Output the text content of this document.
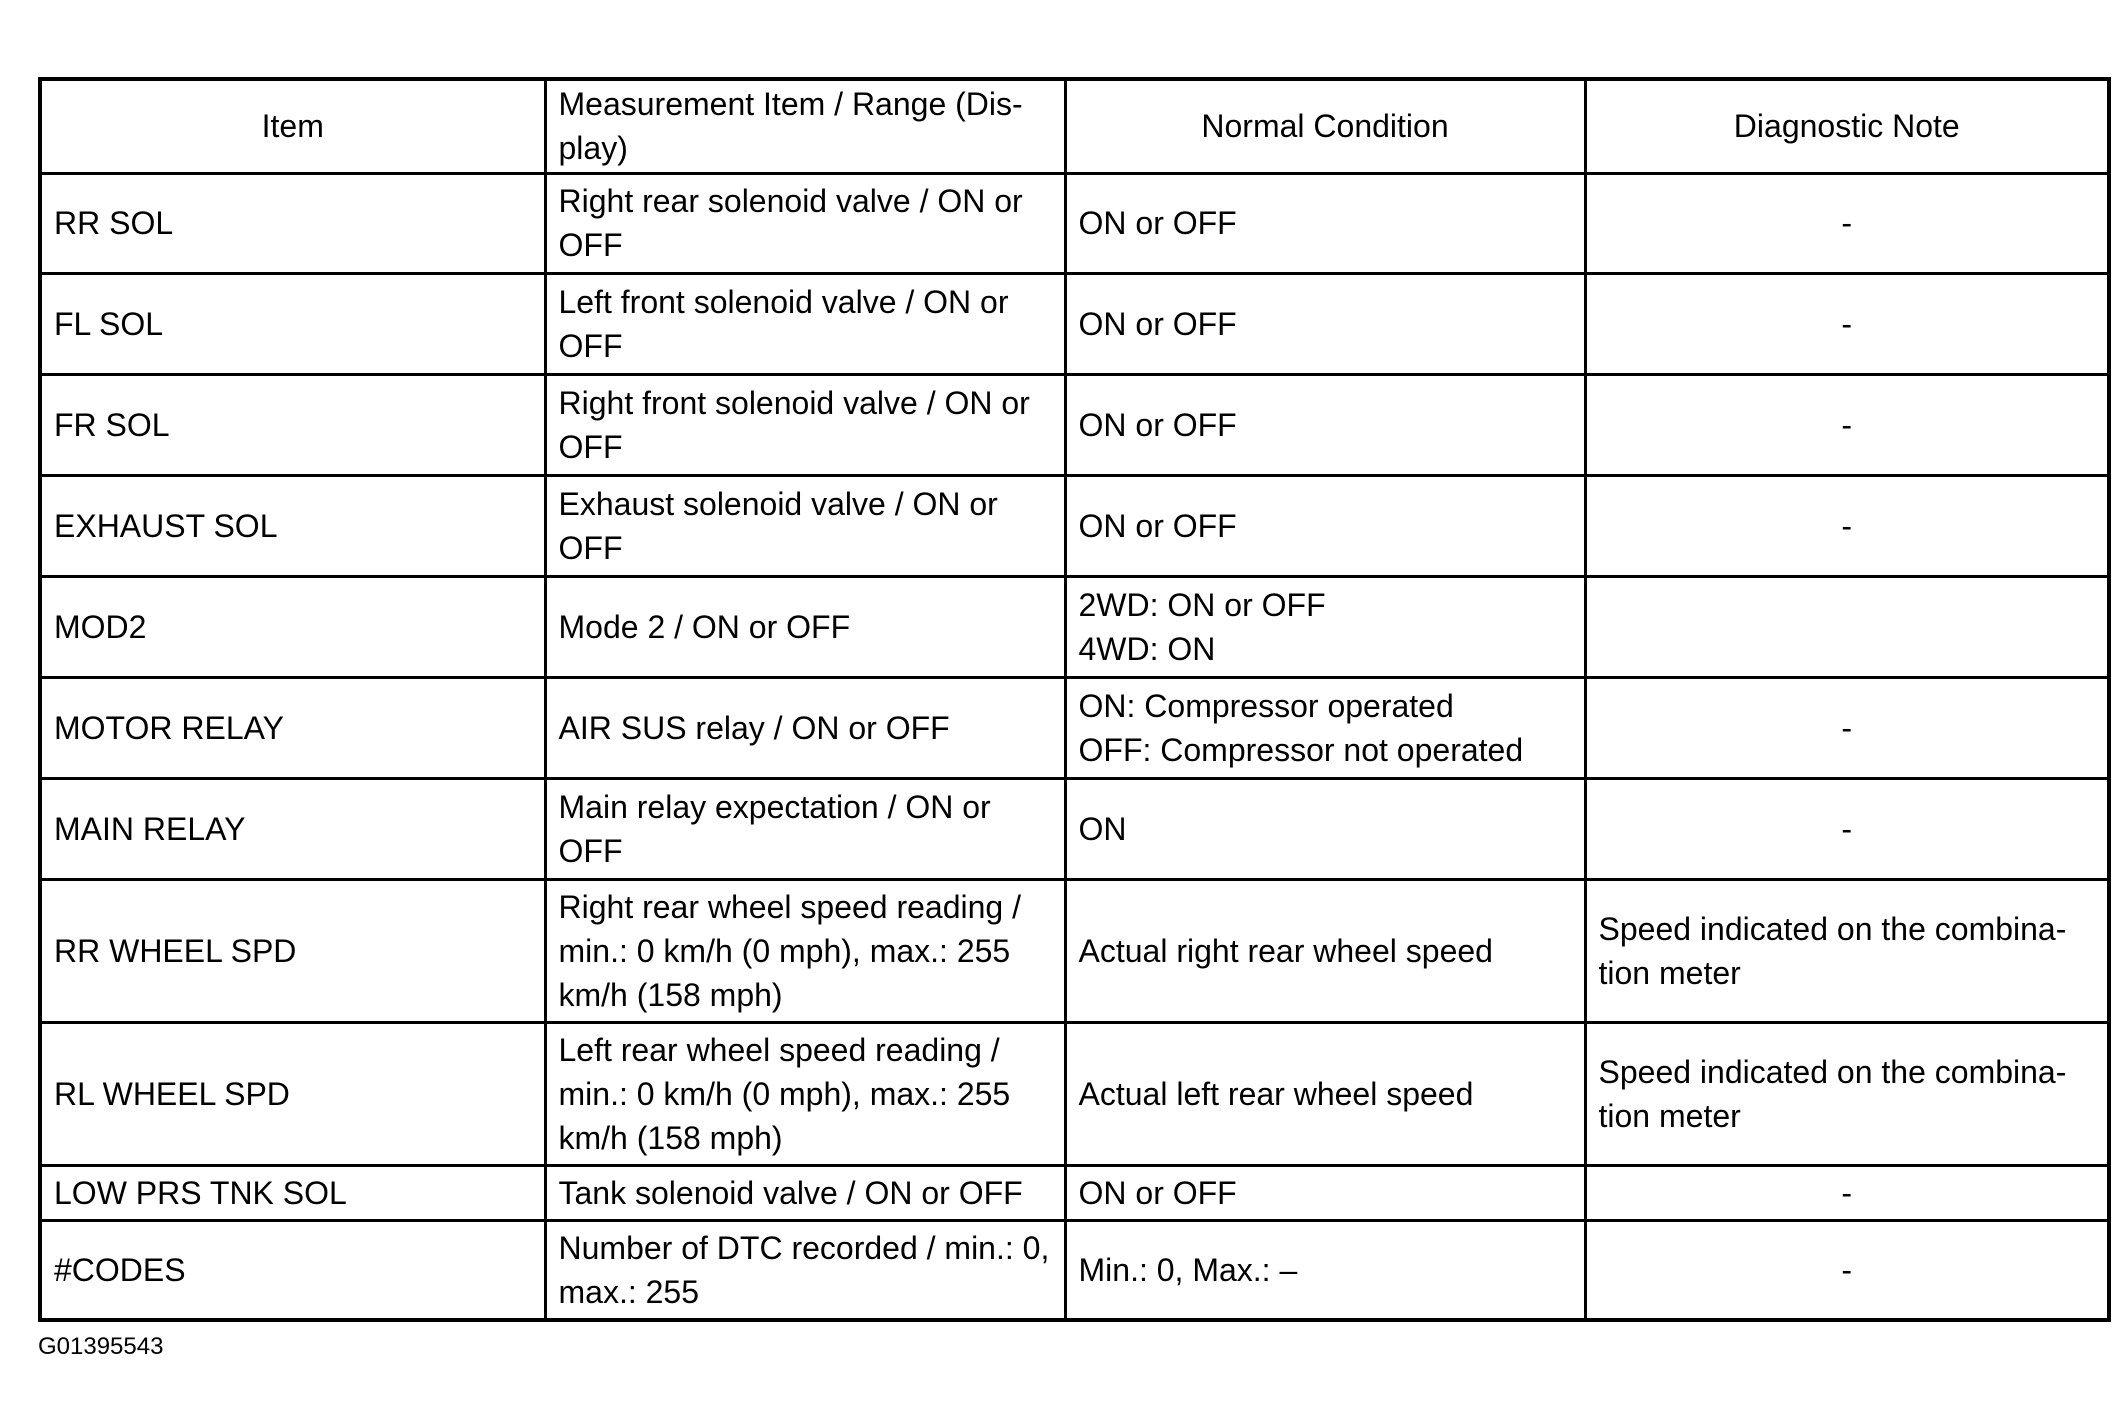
Item	Measurement Item / Range (Dis-
play)	Normal Condition	Diagnostic Note
RR SOL	Right rear solenoid valve / ON or
OFF	ON or OFF	-
FL SOL	Left front solenoid valve / ON or
OFF	ON or OFF	-
FR SOL	Right front solenoid valve / ON or
OFF	ON or OFF	-
EXHAUST SOL	Exhaust solenoid valve / ON or
OFF	ON or OFF	-
MOD2	Mode 2 / ON or OFF	2WD: ON or OFF
4WD: ON	
MOTOR RELAY	AIR SUS relay / ON or OFF	ON: Compressor operated
OFF: Compressor not operated	-
MAIN RELAY	Main relay expectation / ON or
OFF	ON	-
RR WHEEL SPD	Right rear wheel speed reading /
min.: 0 km/h (0 mph), max.: 255
km/h (158 mph)	Actual right rear wheel speed	Speed indicated on the combina-
tion meter
RL WHEEL SPD	Left rear wheel speed reading /
min.: 0 km/h (0 mph), max.: 255
km/h (158 mph)	Actual left rear wheel speed	Speed indicated on the combina-
tion meter
LOW PRS TNK SOL	Tank solenoid valve / ON or OFF	ON or OFF	-
#CODES	Number of DTC recorded / min.: 0,
max.: 255	Min.: 0, Max.: –	-
G01395543
